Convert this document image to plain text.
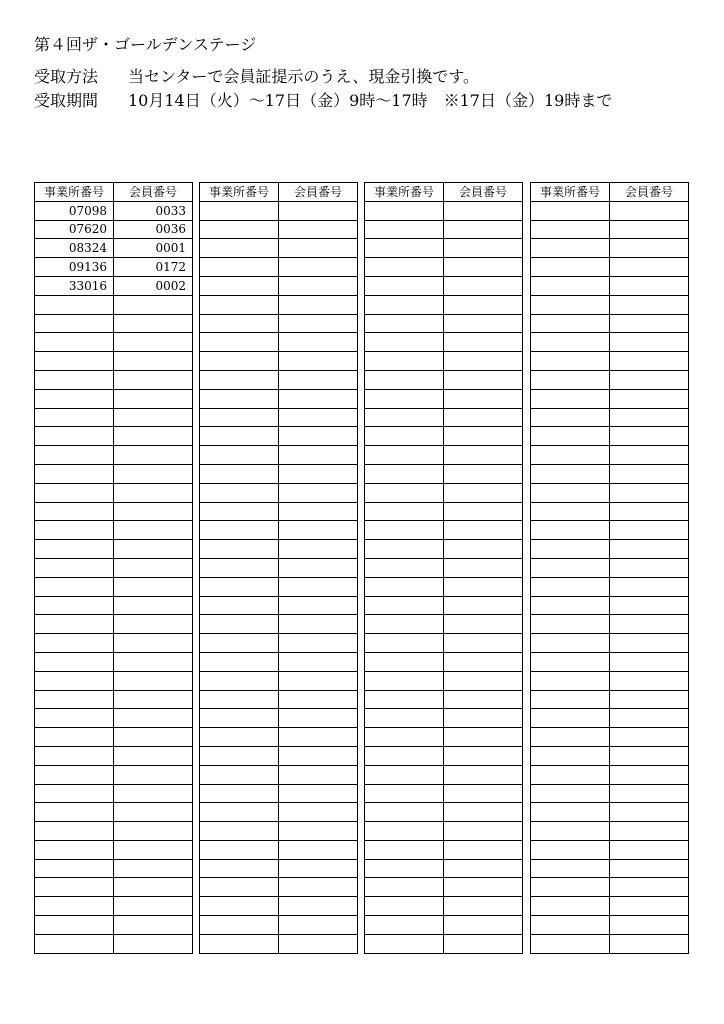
第４回ザ・ゴールデンステージ
受取方法 当センターで会員証提示のうえ、現金引換です。
受取期間 10月14日（火）～17日（金）9時～17時　※17日（金）19時まで
事業所番号	会員番号
07098	0033
07620	0036
08324	0001
09136	0172
33016	0002

事業所番号	会員番号

		事業所番号	会員番号

		事業所番号	会員番号
